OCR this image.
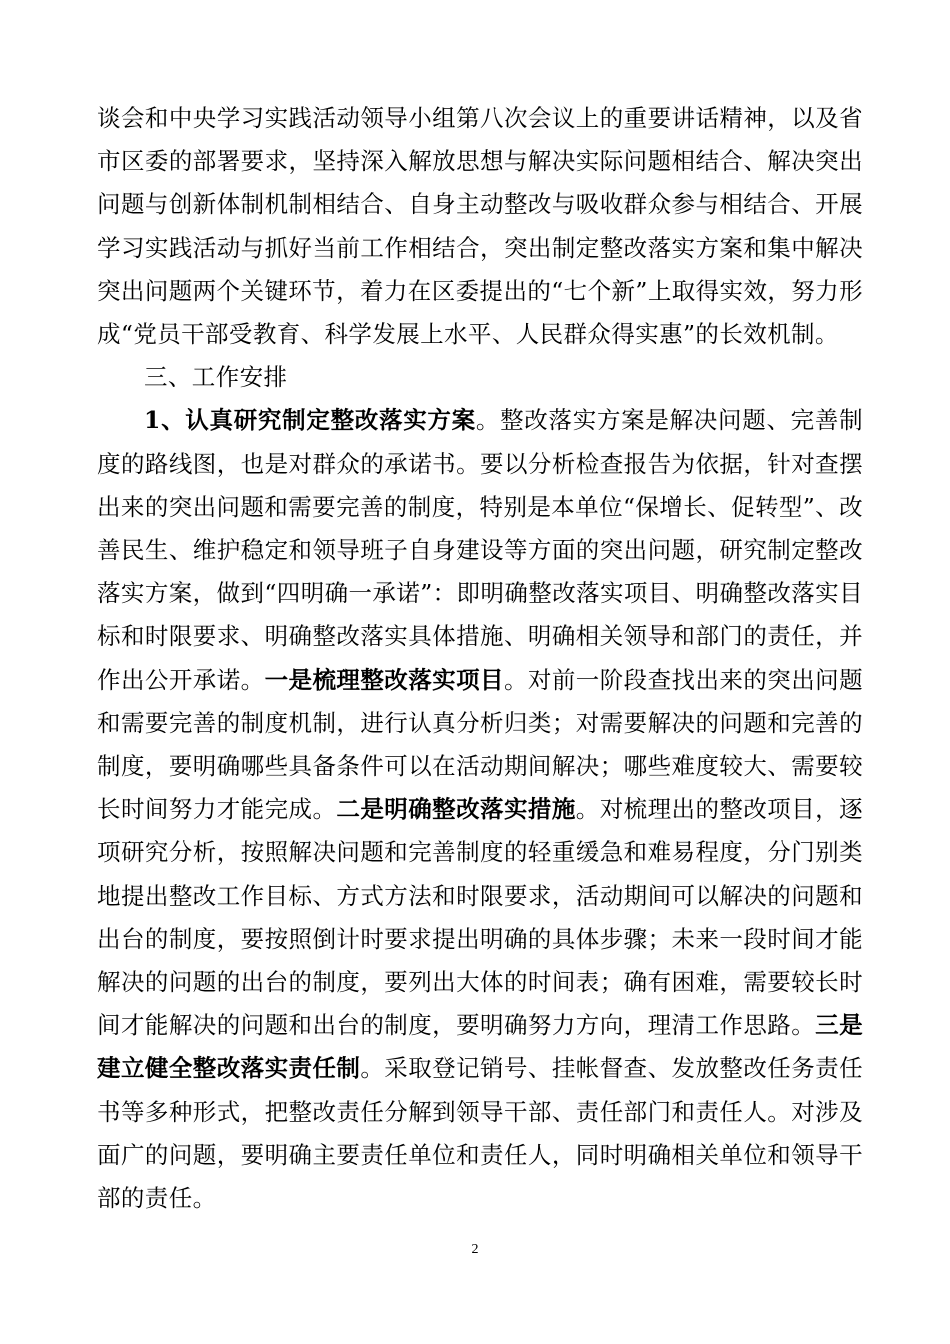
谈会和中央学习实践活动领导小组第八次会议上的重要讲话精神，以及省市区委的部署要求，坚持深入解放思想与解决实际问题相结合、解决突出问题与创新体制机制相结合、自身主动整改与吸收群众参与相结合、开展学习实践活动与抓好当前工作相结合，突出制定整改落实方案和集中解决突出问题两个关键环节，着力在区委提出的“七个新”上取得实效，努力形成“党员干部受教育、科学发展上水平、人民群众得实惠”的长效机制。

三、工作安排

1、认真研究制定整改落实方案。整改落实方案是解决问题、完善制度的路线图，也是对群众的承诺书。要以分析检查报告为依据，针对查摆出来的突出问题和需要完善的制度，特别是本单位“保增长、促转型”、改善民生、维护稳定和领导班子自身建设等方面的突出问题，研究制定整改落实方案，做到“四明确一承诺”：即明确整改落实项目、明确整改落实目标和时限要求、明确整改落实具体措施、明确相关领导和部门的责任，并作出公开承诺。一是梳理整改落实项目。对前一阶段查找出来的突出问题和需要完善的制度机制，进行认真分析归类；对需要解决的问题和完善的制度，要明确哪些具备条件可以在活动期间解决；哪些难度较大、需要较长时间努力才能完成。二是明确整改落实措施。对梳理出的整改项目，逐项研究分析，按照解决问题和完善制度的轻重缓急和难易程度，分门别类地提出整改工作目标、方式方法和时限要求，活动期间可以解决的问题和出台的制度，要按照倒计时要求提出明确的具体步骤；未来一段时间才能解决的问题的出台的制度，要列出大体的时间表；确有困难，需要较长时间才能解决的问题和出台的制度，要明确努力方向，理清工作思路。三是建立健全整改落实责任制。采取登记销号、挂帐督查、发放整改任务责任书等多种形式，把整改责任分解到领导干部、责任部门和责任人。对涉及面广的问题，要明确主要责任单位和责任人，同时明确相关单位和领导干部的责任。

2
